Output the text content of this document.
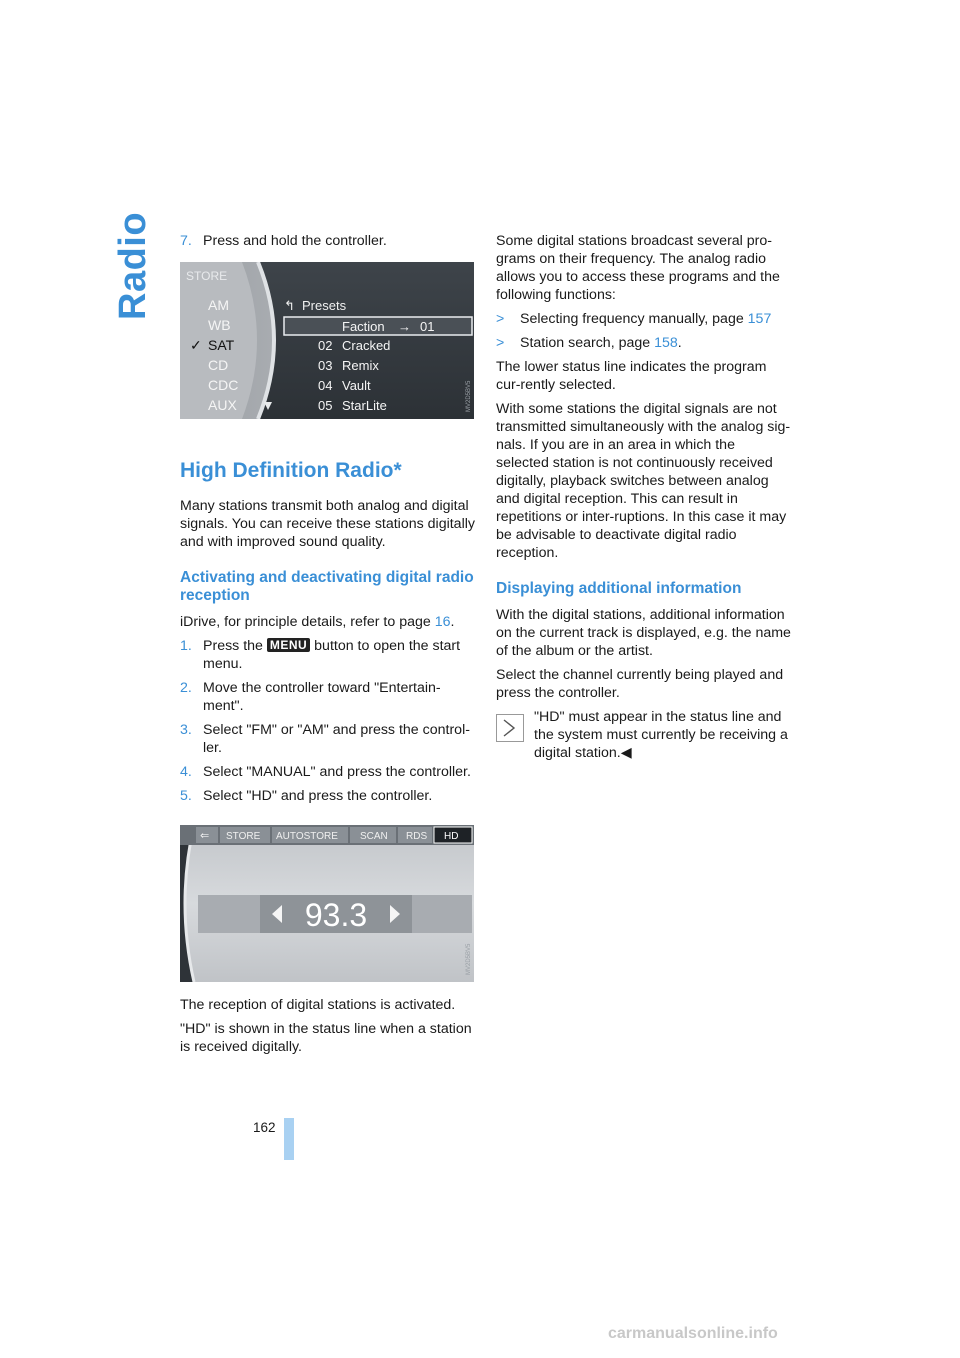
Radio 7. Press and hold the controller.
STORE
AM
WB
✓ SAT
CD
CDC
AUX
↰ Presets
Faction → 01
02 Cracked
03 Remix
04 Vault
05 StarLite	MV2D5BV5
High Definition Radio*

Many stations transmit both analog and digital signals. You can receive these stations digitally and with improved sound quality.

Activating and deactivating digital radio reception

iDrive, for principle details, refer to page 16.

1. Press the MENU button to open the start menu.
2. Move the controller toward "Entertain-ment".
3. Select "FM" or "AM" and press the control-ler.
4. Select "MANUAL" and press the controller.
5. Select "HD" and press the controller.
⇐ STORE AUTOSTORE SCAN RDS HD
93.3
MV2D5BV5

The reception of digital stations is activated.

"HD" is shown in the status line when a station is received digitally.

Some digital stations broadcast several pro-grams on their frequency. The analog radio allows you to access these programs and the following functions:

>	Selecting frequency manually, page 157
>	Station search, page 158.

The lower status line indicates the program cur-rently selected.

With some stations the digital signals are not transmitted simultaneously with the analog sig-nals. If you are in an area in which the selected station is not continuously received digitally, playback switches between analog and digital reception. This can result in repetitions or inter-ruptions. In this case it may be advisable to deactivate digital radio reception.

Displaying additional information

With the digital stations, additional information on the current track is displayed, e.g. the name of the album or the artist.

Select the channel currently being played and press the controller.

"HD" must appear in the status line and the system must currently be receiving a digital station.◀
162
carmanualsonline.info
